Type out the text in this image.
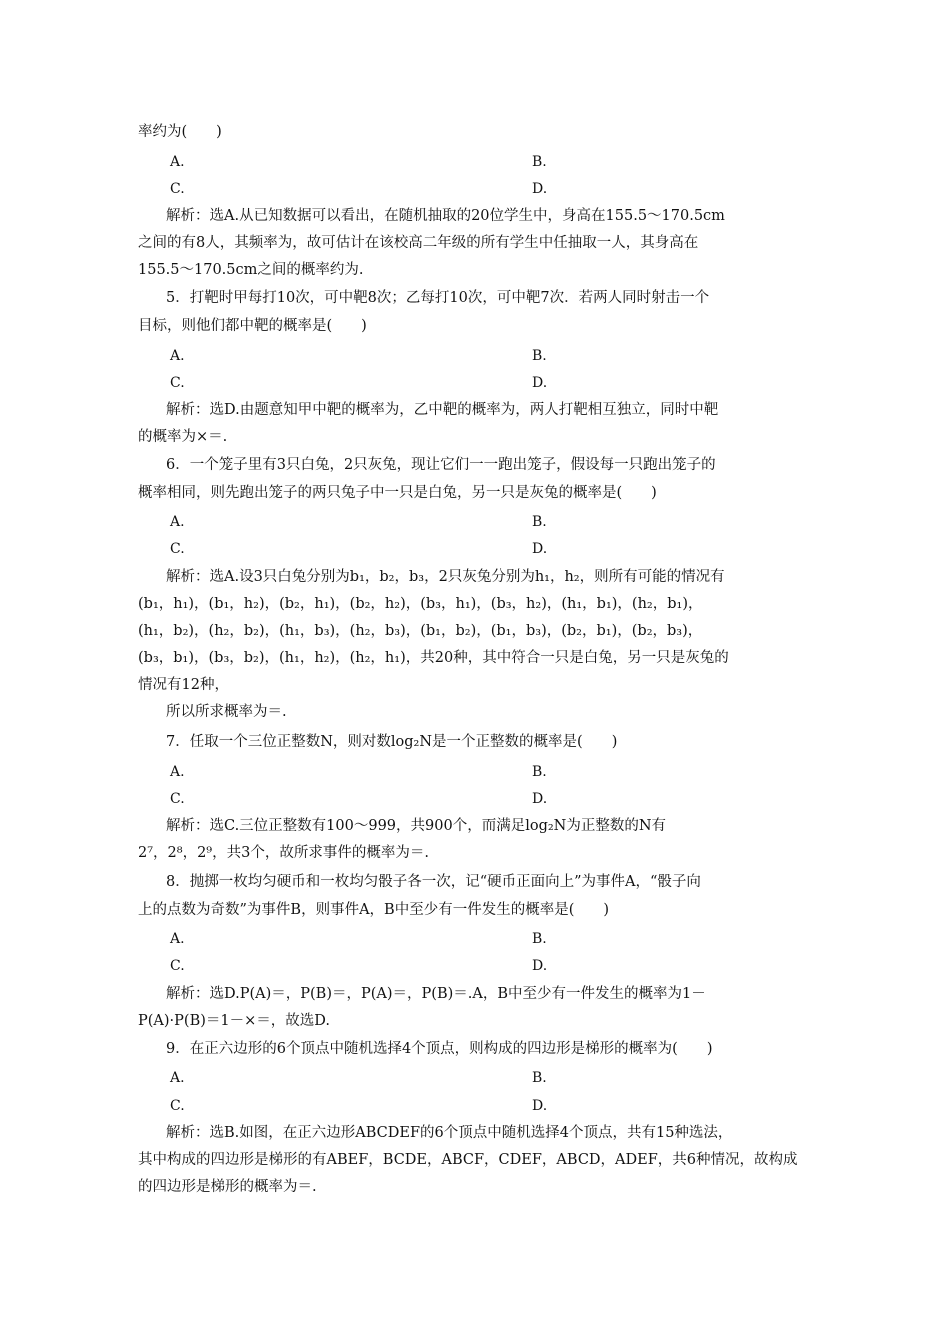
率约为(　　)
A.	B.
C.	D.
解析：选A.从已知数据可以看出，在随机抽取的20位学生中，身高在155.5～170.5cm
之间的有8人，其频率为，故可估计在该校高二年级的所有学生中任抽取一人，其身高在
155.5～170.5cm之间的概率约为.
5．打靶时甲每打10次，可中靶8次；乙每打10次，可中靶7次．若两人同时射击一个
目标，则他们都中靶的概率是(　　)
A.	B.
C.	D.
解析：选D.由题意知甲中靶的概率为，乙中靶的概率为，两人打靶相互独立，同时中靶
的概率为×＝.
6．一个笼子里有3只白兔，2只灰兔，现让它们一一跑出笼子，假设每一只跑出笼子的
概率相同，则先跑出笼子的两只兔子中一只是白兔，另一只是灰兔的概率是(　　)
A.	B.
C.	D.
解析：选A.设3只白兔分别为b₁，b₂，b₃，2只灰兔分别为h₁，h₂，则所有可能的情况有
(b₁，h₁)，(b₁，h₂)，(b₂，h₁)，(b₂，h₂)，(b₃，h₁)，(b₃，h₂)，(h₁，b₁)，(h₂，b₁)，
(h₁，b₂)，(h₂，b₂)，(h₁，b₃)，(h₂，b₃)，(b₁，b₂)，(b₁，b₃)，(b₂，b₁)，(b₂，b₃)，
(b₃，b₁)，(b₃，b₂)，(h₁，h₂)，(h₂，h₁)，共20种，其中符合一只是白兔，另一只是灰兔的
情况有12种，
所以所求概率为＝.
7．任取一个三位正整数N，则对数log₂N是一个正整数的概率是(　　)
A.	B.
C.	D.
解析：选C.三位正整数有100～999，共900个，而满足log₂N为正整数的N有
2⁷，2⁸，2⁹，共3个，故所求事件的概率为＝.
8．抛掷一枚均匀硬币和一枚均匀骰子各一次，记“硬币正面向上”为事件A，“骰子向
上的点数为奇数”为事件B，则事件A，B中至少有一件发生的概率是(　　)
A.	B.
C.	D.
解析：选D.P(A)＝，P(B)＝，P(A)＝，P(B)＝.A，B中至少有一件发生的概率为1－
P(A)·P(B)＝1－×＝，故选D.
9．在正六边形的6个顶点中随机选择4个顶点，则构成的四边形是梯形的概率为(　　)
A.	B.
C.	D.
解析：选B.如图，在正六边形ABCDEF的6个顶点中随机选择4个顶点，共有15种选法，
其中构成的四边形是梯形的有ABEF，BCDE，ABCF，CDEF，ABCD，ADEF，共6种情况，故构成
的四边形是梯形的概率为＝.
